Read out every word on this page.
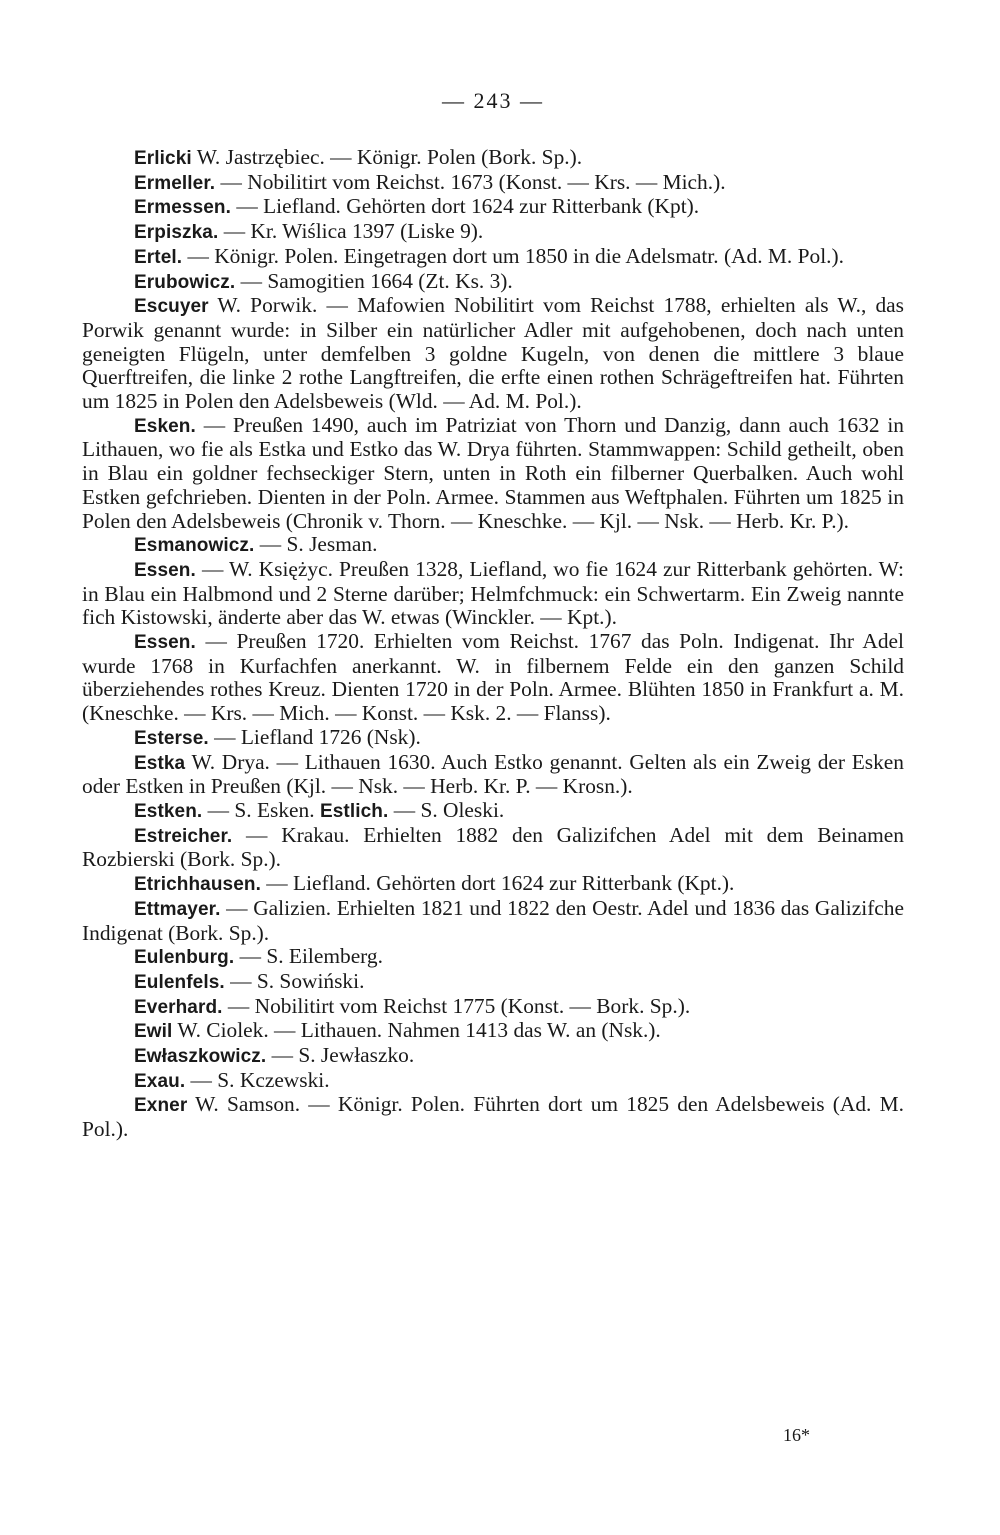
— 243 —

Erlicki W. Jastrzębiec. — Königr. Polen (Bork. Sp.).

Ermeller. — Nobilitirt vom Reichst. 1673 (Konst. — Krs. — Mich.).

Ermessen. — Liefland. Gehörten dort 1624 zur Ritterbank (Kpt).

Erpiszka. — Kr. Wiślica 1397 (Liske 9).

Ertel. — Königr. Polen. Eingetragen dort um 1850 in die Adelsmatr. (Ad. M. Pol.).

Erubowicz. — Samogitien 1664 (Zt. Ks. 3).

Escuyer W. Porwik. — Mafowien Nobilitirt vom Reichst 1788, erhielten als W., das Porwik genannt wurde: in Silber ein natürlicher Adler mit aufgehobenen, doch nach unten geneigten Flügeln, unter demfelben 3 goldne Kugeln, von denen die mittlere 3 blaue Querftreifen, die linke 2 rothe Langftreifen, die erfte einen rothen Schrägeftreifen hat. Führten um 1825 in Polen den Adelsbeweis (Wld. — Ad. M. Pol.).

Esken. — Preußen 1490, auch im Patriziat von Thorn und Danzig, dann auch 1632 in Lithauen, wo fie als Estka und Estko das W. Drya führten. Stammwappen: Schild getheilt, oben in Blau ein goldner fechseckiger Stern, unten in Roth ein filberner Querbalken. Auch wohl Estken gefchrieben. Dienten in der Poln. Armee. Stammen aus Weftphalen. Führten um 1825 in Polen den Adelsbeweis (Chronik v. Thorn. — Kneschke. — Kjl. — Nsk. — Herb. Kr. P.).

Esmanowicz. — S. Jesman.

Essen. — W. Księżyc. Preußen 1328, Liefland, wo fie 1624 zur Ritterbank gehörten. W: in Blau ein Halbmond und 2 Sterne darüber; Helmfchmuck: ein Schwertarm. Ein Zweig nannte fich Kistowski, änderte aber das W. etwas (Winckler. — Kpt.).

Essen. — Preußen 1720. Erhielten vom Reichst. 1767 das Poln. Indigenat. Ihr Adel wurde 1768 in Kurfachfen anerkannt. W. in filbernem Felde ein den ganzen Schild überziehendes rothes Kreuz. Dienten 1720 in der Poln. Armee. Blühten 1850 in Frankfurt a. M. (Kneschke. — Krs. — Mich. — Konst. — Ksk. 2. — Flanss).

Esterse. — Liefland 1726 (Nsk).

Estka W. Drya. — Lithauen 1630. Auch Estko genannt. Gelten als ein Zweig der Esken oder Estken in Preußen (Kjl. — Nsk. — Herb. Kr. P. — Krosn.).

Estken. — S. Esken. Estlich. — S. Oleski.

Estreicher. — Krakau. Erhielten 1882 den Galizifchen Adel mit dem Beinamen Rozbierski (Bork. Sp.).

Etrichhausen. — Liefland. Gehörten dort 1624 zur Ritterbank (Kpt.).

Ettmayer. — Galizien. Erhielten 1821 und 1822 den Oestr. Adel und 1836 das Galizifche Indigenat (Bork. Sp.).

Eulenburg. — S. Eilemberg.

Eulenfels. — S. Sowiński.

Everhard. — Nobilitirt vom Reichst 1775 (Konst. — Bork. Sp.).

Ewil W. Ciolek. — Lithauen. Nahmen 1413 das W. an (Nsk.).

Ewłaszkowicz. — S. Jewłaszko.

Exau. — S. Kczewski.

Exner W. Samson. — Königr. Polen. Führten dort um 1825 den Adelsbeweis (Ad. M. Pol.).

16*
